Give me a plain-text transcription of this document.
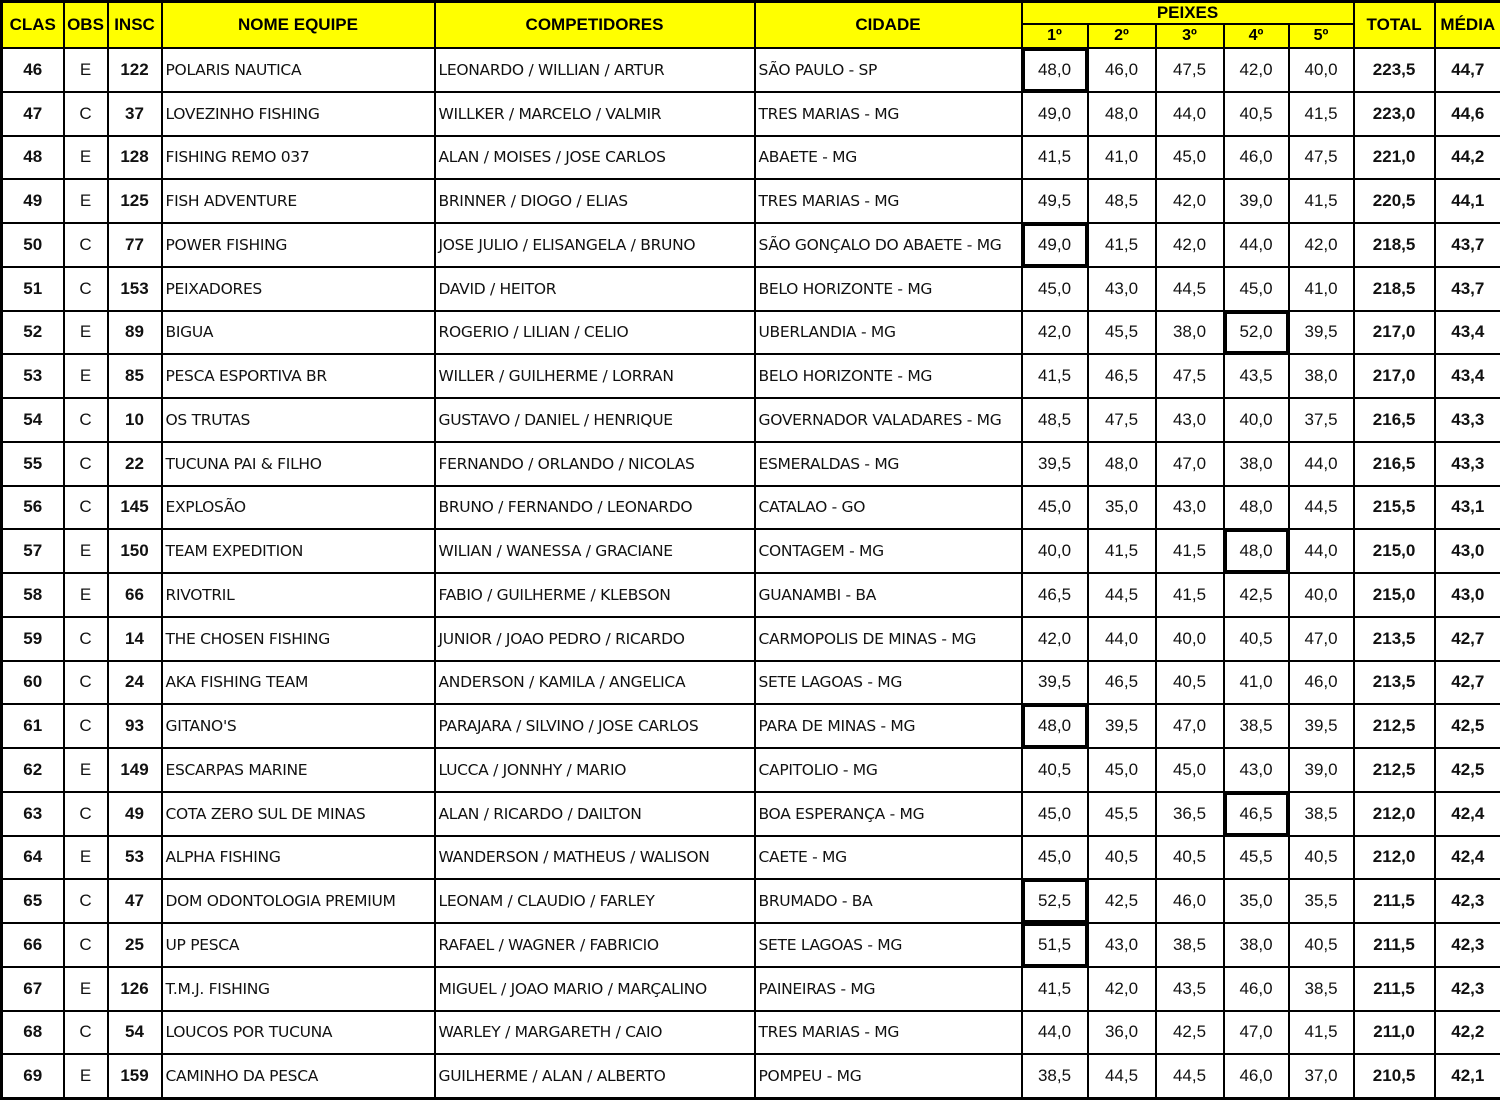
CLAS	OBS	INSC	NOME EQUIPE	COMPETIDORES	CIDADE	PEIXES					TOTAL	MÉDIA
						1º	2º	3º	4º	5º		
46	E	122	POLARIS NAUTICA	LEONARDO / WILLIAN / ARTUR	SÃO PAULO - SP	48,0	46,0	47,5	42,0	40,0	223,5	44,7
47	C	37	LOVEZINHO FISHING	WILLKER / MARCELO / VALMIR	TRES MARIAS - MG	49,0	48,0	44,0	40,5	41,5	223,0	44,6
48	E	128	FISHING REMO 037	ALAN / MOISES / JOSE CARLOS	ABAETE - MG	41,5	41,0	45,0	46,0	47,5	221,0	44,2
49	E	125	FISH ADVENTURE	BRINNER / DIOGO / ELIAS	TRES MARIAS - MG	49,5	48,5	42,0	39,0	41,5	220,5	44,1
50	C	77	POWER FISHING	JOSE JULIO / ELISANGELA / BRUNO	SÃO GONÇALO DO ABAETE - MG	49,0	41,5	42,0	44,0	42,0	218,5	43,7
51	C	153	PEIXADORES	DAVID / HEITOR	BELO HORIZONTE - MG	45,0	43,0	44,5	45,0	41,0	218,5	43,7
52	E	89	BIGUA	ROGERIO / LILIAN / CELIO	UBERLANDIA - MG	42,0	45,5	38,0	52,0	39,5	217,0	43,4
53	E	85	PESCA ESPORTIVA BR	WILLER / GUILHERME / LORRAN	BELO HORIZONTE - MG	41,5	46,5	47,5	43,5	38,0	217,0	43,4
54	C	10	OS TRUTAS	GUSTAVO / DANIEL / HENRIQUE	GOVERNADOR VALADARES - MG	48,5	47,5	43,0	40,0	37,5	216,5	43,3
55	C	22	TUCUNA PAI & FILHO	FERNANDO / ORLANDO / NICOLAS	ESMERALDAS - MG	39,5	48,0	47,0	38,0	44,0	216,5	43,3
56	C	145	EXPLOSÃO	BRUNO / FERNANDO / LEONARDO	CATALAO - GO	45,0	35,0	43,0	48,0	44,5	215,5	43,1
57	E	150	TEAM EXPEDITION	WILIAN / WANESSA / GRACIANE	CONTAGEM - MG	40,0	41,5	41,5	48,0	44,0	215,0	43,0
58	E	66	RIVOTRIL	FABIO / GUILHERME / KLEBSON	GUANAMBI - BA	46,5	44,5	41,5	42,5	40,0	215,0	43,0
59	C	14	THE CHOSEN FISHING	JUNIOR / JOAO PEDRO / RICARDO	CARMOPOLIS DE MINAS - MG	42,0	44,0	40,0	40,5	47,0	213,5	42,7
60	C	24	AKA FISHING TEAM	ANDERSON / KAMILA / ANGELICA	SETE LAGOAS - MG	39,5	46,5	40,5	41,0	46,0	213,5	42,7
61	C	93	GITANO'S	PARAJARA / SILVINO / JOSE CARLOS	PARA DE MINAS - MG	48,0	39,5	47,0	38,5	39,5	212,5	42,5
62	E	149	ESCARPAS MARINE	LUCCA / JONNHY / MARIO	CAPITOLIO - MG	40,5	45,0	45,0	43,0	39,0	212,5	42,5
63	C	49	COTA ZERO SUL DE MINAS	ALAN / RICARDO / DAILTON	BOA ESPERANÇA - MG	45,0	45,5	36,5	46,5	38,5	212,0	42,4
64	E	53	ALPHA FISHING	WANDERSON / MATHEUS / WALISON	CAETE - MG	45,0	40,5	40,5	45,5	40,5	212,0	42,4
65	C	47	DOM ODONTOLOGIA PREMIUM	LEONAM / CLAUDIO / FARLEY	BRUMADO - BA	52,5	42,5	46,0	35,0	35,5	211,5	42,3
66	C	25	UP PESCA	RAFAEL / WAGNER / FABRICIO	SETE LAGOAS - MG	51,5	43,0	38,5	38,0	40,5	211,5	42,3
67	E	126	T.M.J. FISHING	MIGUEL / JOAO MARIO / MARÇALINO	PAINEIRAS - MG	41,5	42,0	43,5	46,0	38,5	211,5	42,3
68	C	54	LOUCOS POR TUCUNA	WARLEY / MARGARETH / CAIO	TRES MARIAS - MG	44,0	36,0	42,5	47,0	41,5	211,0	42,2
69	E	159	CAMINHO DA PESCA	GUILHERME / ALAN / ALBERTO	POMPEU - MG	38,5	44,5	44,5	46,0	37,0	210,5	42,1
